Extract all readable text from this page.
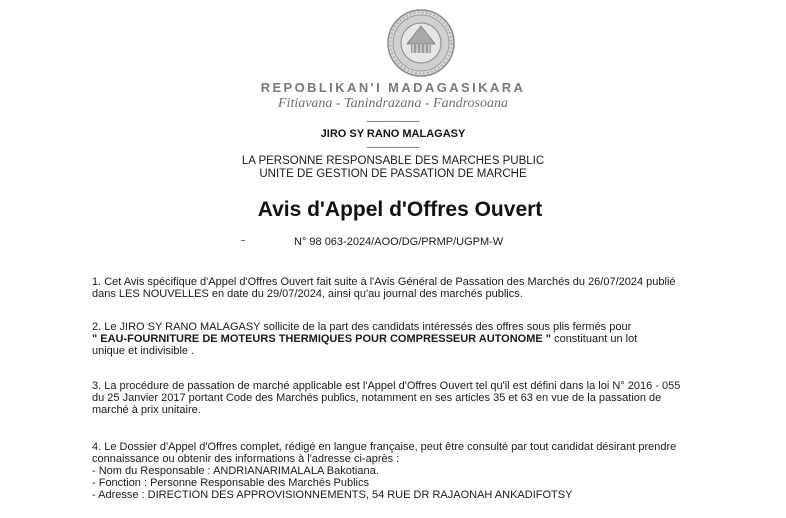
REPOBLIKAN'I MADAGASIKARA
Fitiavana - Tanindrazana - Fandrosoana
---------------------
JIRO SY RANO MALAGASY
---------------------
LA PERSONNE RESPONSABLE DES MARCHES PUBLIC
UNITE DE GESTION DE PASSATION DE MARCHE
Avis d'Appel d'Offres Ouvert
N° 98 063-2024/AOO/DG/PRMP/UGPM-W
1. Cet Avis spécifique d'Appel d'Offres Ouvert fait suite à l'Avis Général de Passation des Marchés du 26/07/2024 publié
dans LES NOUVELLES en date du 29/07/2024, ainsi qu'au journal des marchés publics.
2. Le JIRO SY RANO MALAGASY sollicite de la part des candidats intéressés des offres sous plis fermés pour
" EAU-FOURNITURE DE MOTEURS THERMIQUES POUR COMPRESSEUR AUTONOME " constituant un lot
unique et indivisible .
3. La procédure de passation de marché applicable est l'Appel d'Offres Ouvert tel qu'il est défini dans la loi N° 2016 - 055
du 25 Janvier 2017 portant Code des Marchés publics, notamment en ses articles 35 et 63 en vue de la passation de
marché à prix unitaire.
4. Le Dossier d'Appel d'Offres complet, rédigé en langue française, peut être consulté par tout candidat désirant prendre
connaissance ou obtenir des informations à l'adresse ci-après :
- Nom du Responsable : ANDRIANARIMALALA Bakotiana.
- Fonction : Personne Responsable des Marchés Publics
- Adresse : DIRECTION DES APPROVISIONNEMENTS, 54 RUE DR RAJAONAH ANKADIFOTSY
